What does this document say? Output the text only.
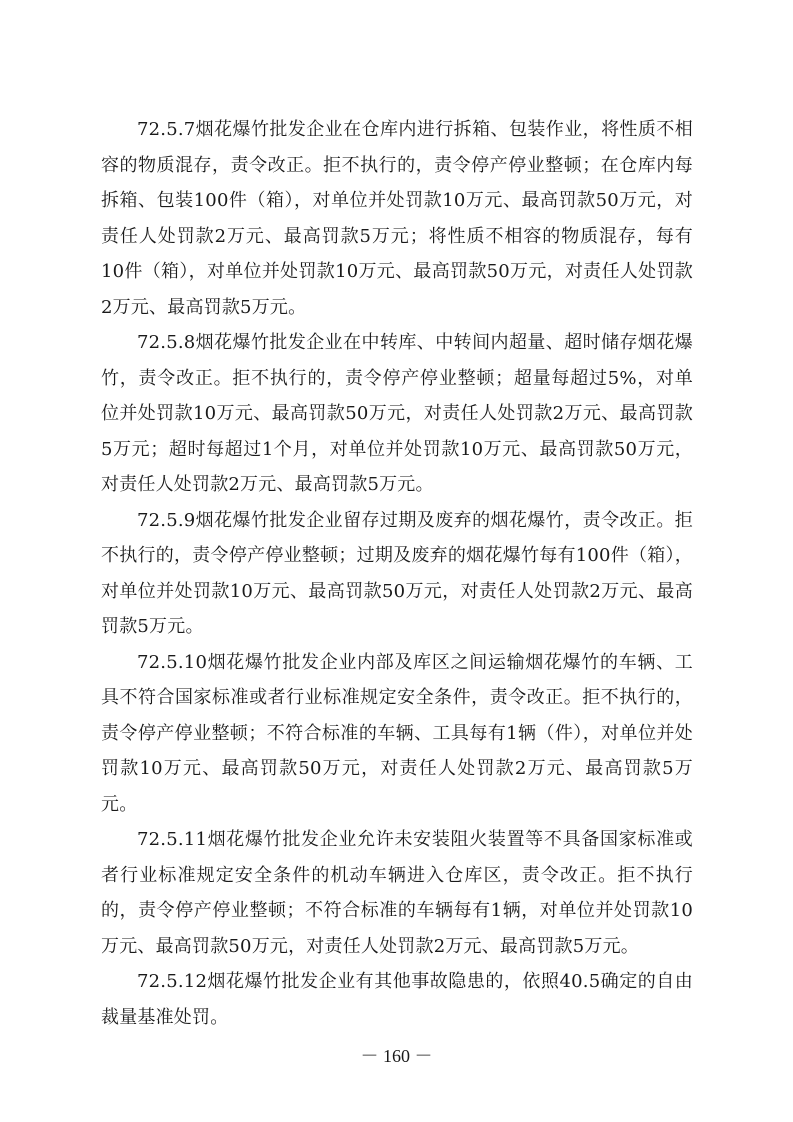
72.5.7烟花爆竹批发企业在仓库内进行拆箱、包装作业，将性质不相容的物质混存，责令改正。拒不执行的，责令停产停业整顿；在仓库内每拆箱、包装100件（箱），对单位并处罚款10万元、最高罚款50万元，对责任人处罚款2万元、最高罚款5万元；将性质不相容的物质混存，每有10件（箱），对单位并处罚款10万元、最高罚款50万元，对责任人处罚款2万元、最高罚款5万元。

72.5.8烟花爆竹批发企业在中转库、中转间内超量、超时储存烟花爆竹，责令改正。拒不执行的，责令停产停业整顿；超量每超过5%，对单位并处罚款10万元、最高罚款50万元，对责任人处罚款2万元、最高罚款5万元；超时每超过1个月，对单位并处罚款10万元、最高罚款50万元，对责任人处罚款2万元、最高罚款5万元。

72.5.9烟花爆竹批发企业留存过期及废弃的烟花爆竹，责令改正。拒不执行的，责令停产停业整顿；过期及废弃的烟花爆竹每有100件（箱），对单位并处罚款10万元、最高罚款50万元，对责任人处罚款2万元、最高罚款5万元。

72.5.10烟花爆竹批发企业内部及库区之间运输烟花爆竹的车辆、工具不符合国家标准或者行业标准规定安全条件，责令改正。拒不执行的，责令停产停业整顿；不符合标准的车辆、工具每有1辆（件），对单位并处罚款10万元、最高罚款50万元，对责任人处罚款2万元、最高罚款5万元。

72.5.11烟花爆竹批发企业允许未安装阻火装置等不具备国家标准或者行业标准规定安全条件的机动车辆进入仓库区，责令改正。拒不执行的，责令停产停业整顿；不符合标准的车辆每有1辆，对单位并处罚款10万元、最高罚款50万元，对责任人处罚款2万元、最高罚款5万元。

72.5.12烟花爆竹批发企业有其他事故隐患的，依照40.5确定的自由裁量基准处罚。

－ 160 －
